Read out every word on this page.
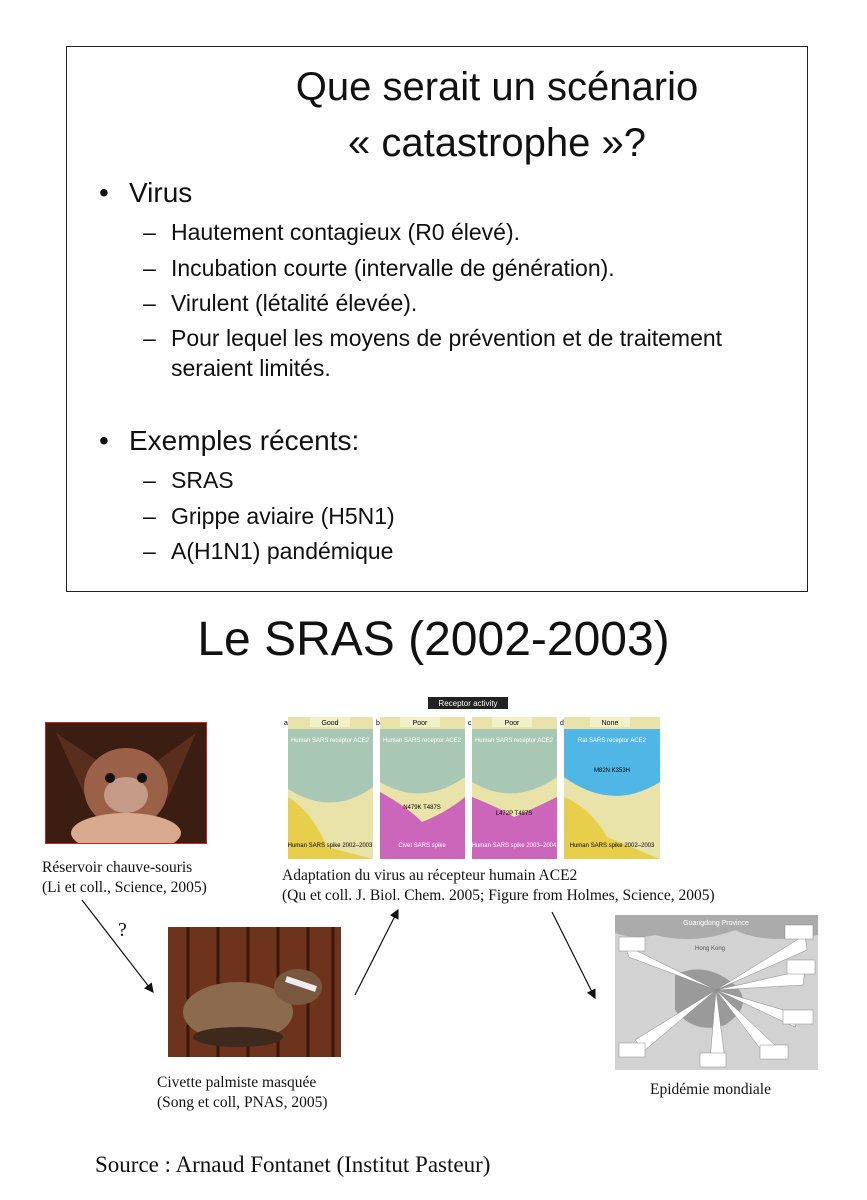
Que serait un scénario
« catastrophe »?
• Virus
– Hautement contagieux (R0 élevé).
– Incubation courte (intervalle de génération).
– Virulent (létalité élevée).
– Pour lequel les moyens de prévention et de traitement seraient limités.
• Exemples récents:
– SRAS
– Grippe aviaire (H5N1)
– A(H1N1) pandémique
Le SRAS (2002-2003)
Réservoir chauve-souris
(Li et coll., Science, 2005)
?
Civette palmiste masquée
(Song et coll, PNAS, 2005)
Receptor activity
Good
a
Human SARS receptor ACE2
Human SARS spike 2002–2003
Poor
b
Human SARS receptor ACE2
N479K T487S
Civet SARS spike
Poor
c
Human SARS receptor ACE2
L472P T487S
Human SARS spike 2003–2004
None
d
Rat SARS receptor ACE2
M82N K353H
Human SARS spike 2002–2003
Adaptation du virus au récepteur humain ACE2
(Qu et coll. J. Biol. Chem. 2005; Figure from Holmes, Science, 2005)
Guangdong Province
Hong Kong
Epidémie mondiale
Source : Arnaud Fontanet (Institut Pasteur)
